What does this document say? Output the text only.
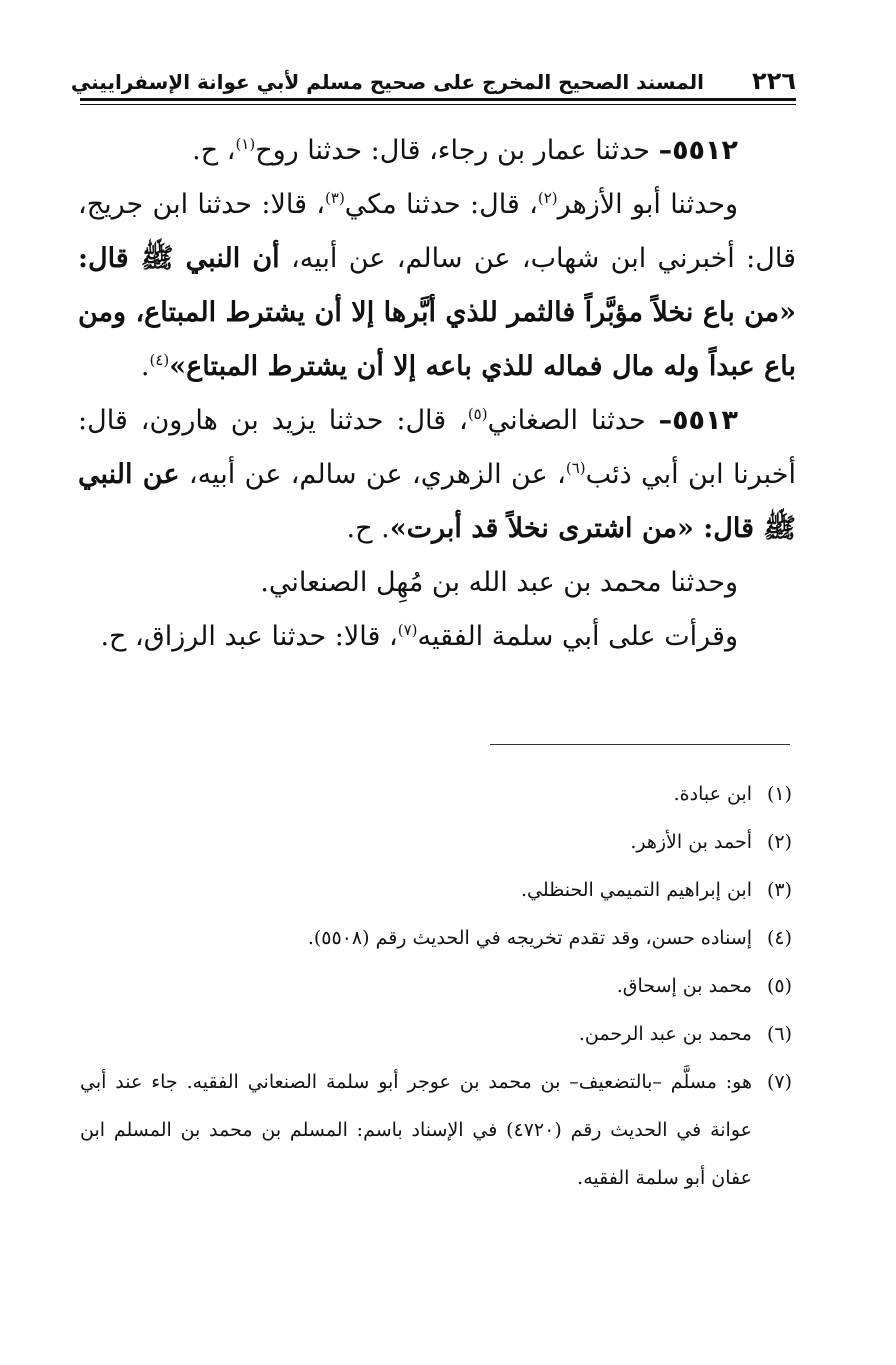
٢٢٦
المسند الصحيح المخرج على صحيح مسلم لأبي عوانة الإسفراييني

٥٥١٢– حدثنا عمار بن رجاء، قال: حدثنا روح$^{(١)}$، ح.

وحدثنا أبو الأزهر$^{(٢)}$، قال: حدثنا مكي$^{(٣)}$، قالا: حدثنا ابن جريج، قال: أخبرني ابن شهاب، عن سالم، عن أبيه، أن النبي ﷺ قال: «من باع نخلاً مؤبَّراً فالثمر للذي أبَّرها إلا أن يشترط المبتاع، ومن باع عبداً وله مال فماله للذي باعه إلا أن يشترط المبتاع»$^{(٤)}$.

٥٥١٣– حدثنا الصغاني$^{(٥)}$، قال: حدثنا يزيد بن هارون، قال: أخبرنا ابن أبي ذئب$^{(٦)}$، عن الزهري، عن سالم، عن أبيه، عن النبي ﷺ قال: «من اشترى نخلاً قد أبرت». ح.

وحدثنا محمد بن عبد الله بن مُهِل الصنعاني.

وقرأت على أبي سلمة الفقيه$^{(٧)}$، قالا: حدثنا عبد الرزاق، ح.

(١)ابن عبادة.

(٢)أحمد بن الأزهر.

(٣)ابن إبراهيم التميمي الحنظلي.

(٤)إسناده حسن، وقد تقدم تخريجه في الحديث رقم (٥٥٠٨).

(٥)محمد بن إسحاق.

(٦)محمد بن عبد الرحمن.

(٧)هو: مسلَّم –بالتضعيف– بن محمد بن عوجر أبو سلمة الصنعاني الفقيه. جاء عند أبي عوانة في الحديث رقم (٤٧٢٠) في الإسناد باسم: المسلم بن محمد بن المسلم ابن عفان أبو سلمة الفقيه.
